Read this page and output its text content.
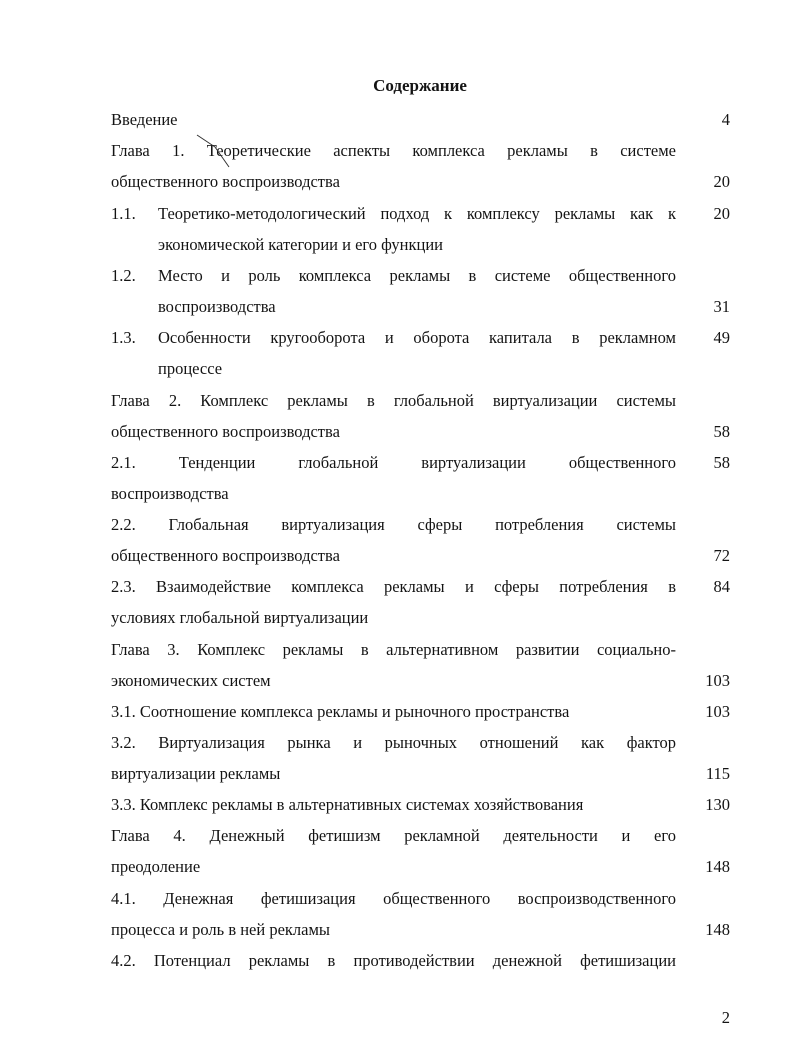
Содержание
Введение	4
Глава 1. Теоретические аспекты комплекса рекламы в системе
общественного воспроизводства	20
1.1. Теоретико-методологический подход к комплексу рекламы как к	20
экономической категории и его функции
1.2. Место и роль комплекса рекламы в системе общественного
воспроизводства	31
1.3. Особенности кругооборота и оборота капитала в рекламном	49
процессе
Глава 2. Комплекс рекламы в глобальной виртуализации системы
общественного воспроизводства	58
2.1. Тенденции глобальной виртуализации общественного	58
воспроизводства
2.2. Глобальная виртуализация сферы потребления системы
общественного воспроизводства	72
2.3. Взаимодействие комплекса рекламы и сферы потребления в	84
условиях глобальной виртуализации
Глава 3. Комплекс рекламы в альтернативном развитии социально-
экономических систем	103
3.1. Соотношение комплекса рекламы и рыночного пространства	103
3.2. Виртуализация рынка и рыночных отношений как фактор
виртуализации рекламы	115
3.3. Комплекс рекламы в альтернативных системах хозяйствования	130
Глава 4. Денежный фетишизм рекламной деятельности и его
преодоление	148
4.1. Денежная фетишизация общественного воспроизводственного
процесса и роль в ней рекламы	148
4.2. Потенциал рекламы в противодействии денежной фетишизации
2
